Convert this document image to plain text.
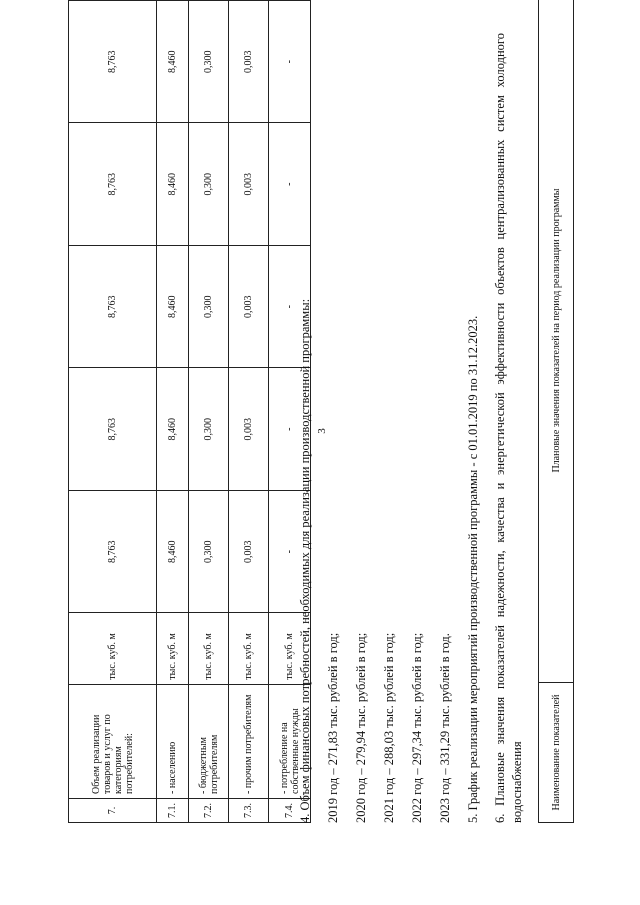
3
7.	Объем реализации товаров и услуг по категориям потребителей:	тыс. куб. м	8,763	8,763	8,763	8,763	8,763
7.1.	- населению	тыс. куб. м	8,460	8,460	8,460	8,460	8,460
7.2.	- бюджетным потребителям	тыс. куб. м	0,300	0,300	0,300	0,300	0,300
7.3.	- прочим потребителям	тыс. куб. м	0,003	0,003	0,003	0,003	0,003
7.4.	- потребление на собственные нужды	тыс. куб. м	-	-	-	-	-
4. Объем финансовых потребностей, необходимых для реализации производственной программы: 2019 год – 271,83 тыс. рублей в год; 2020 год – 279,94 тыс. рублей в год; 2021 год – 288,03 тыс. рублей в год; 2022 год – 297,34 тыс. рублей в год; 2023 год – 331,29 тыс. рублей в год. 5. График реализации мероприятий производственной программы - с 01.01.2019 по 31.12.2023. 6. Плановые значения показателей надежности, качества и энергетической эффективности объектов централизованных систем холодного водоснабжения	Наименование показателей	Плановые значения показателей на период реализации программы
